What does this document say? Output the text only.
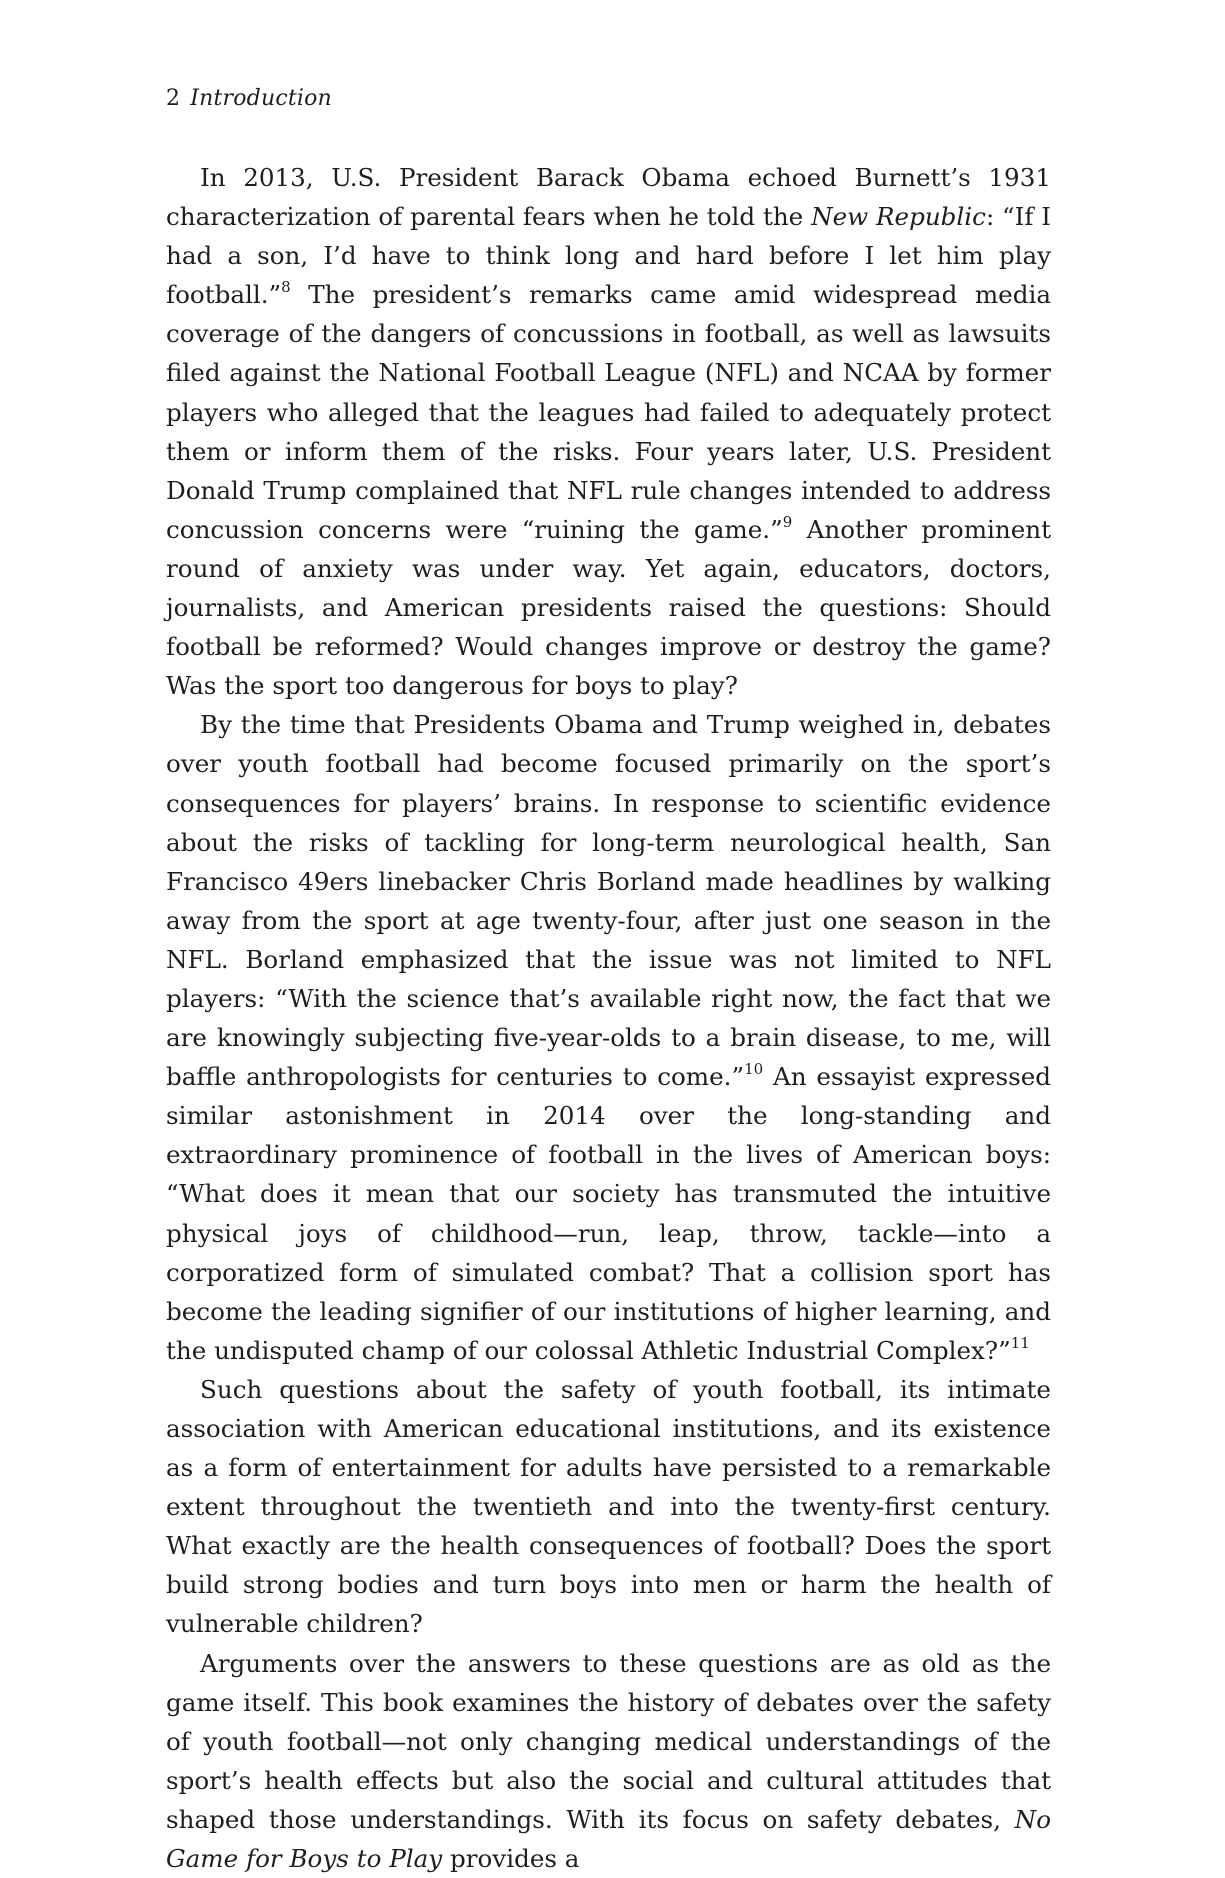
2 Introduction

In 2013, U.S. President Barack Obama echoed Burnett’s 1931 characterization of parental fears when he told the New Republic: “If I had a son, I’d have to think long and hard before I let him play football.”$^8$ The president’s remarks came amid widespread media coverage of the dangers of concussions in football, as well as lawsuits filed against the National Football League (NFL) and NCAA by former players who alleged that the leagues had failed to adequately protect them or inform them of the risks. Four years later, U.S. President Donald Trump complained that NFL rule changes intended to address concussion concerns were “ruining the game.”$^9$ Another prominent round of anxiety was under way. Yet again, educators, doctors, journalists, and American presidents raised the questions: Should football be reformed? Would changes improve or destroy the game? Was the sport too dangerous for boys to play?

By the time that Presidents Obama and Trump weighed in, debates over youth football had become focused primarily on the sport’s consequences for players’ brains. In response to scientific evidence about the risks of tackling for long-term neurological health, San Francisco 49ers linebacker Chris Borland made headlines by walking away from the sport at age twenty-four, after just one season in the NFL. Borland emphasized that the issue was not limited to NFL players: “With the science that’s available right now, the fact that we are knowingly subjecting five-year-olds to a brain disease, to me, will baffle anthropologists for centuries to come.”$^{10}$ An essayist expressed similar astonishment in 2014 over the long-standing and extraordinary prominence of football in the lives of American boys: “What does it mean that our society has transmuted the intuitive physical joys of childhood—run, leap, throw, tackle—into a corporatized form of simulated combat? That a collision sport has become the leading signifier of our institutions of higher learning, and the undisputed champ of our colossal Athletic Industrial Complex?”$^{11}$

Such questions about the safety of youth football, its intimate association with American educational institutions, and its existence as a form of entertainment for adults have persisted to a remarkable extent throughout the twentieth and into the twenty-first century. What exactly are the health consequences of football? Does the sport build strong bodies and turn boys into men or harm the health of vulnerable children?

Arguments over the answers to these questions are as old as the game itself. This book examines the history of debates over the safety of youth football—not only changing medical understandings of the sport’s health effects but also the social and cultural attitudes that shaped those understandings. With its focus on safety debates, No Game for Boys to Play provides a
